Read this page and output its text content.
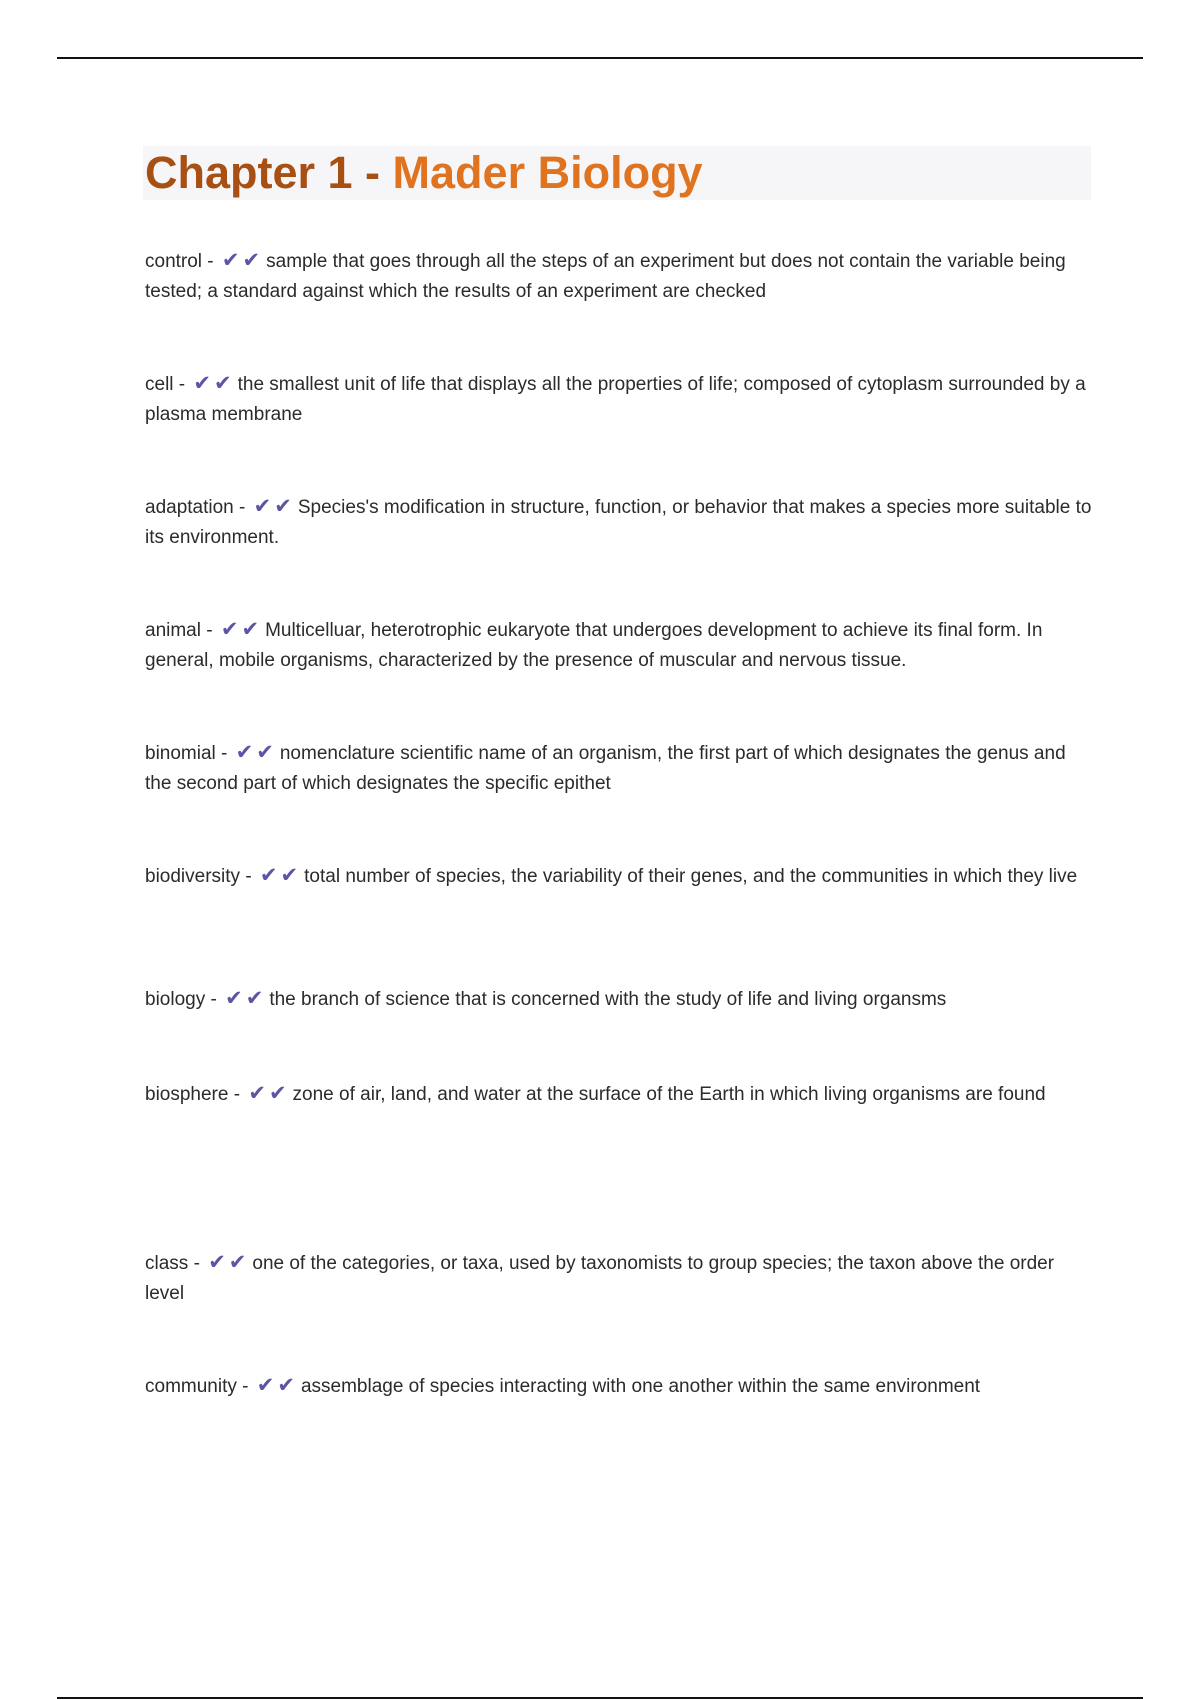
Chapter 1 - Mader Biology

control - ✔✔ sample that goes through all the steps of an experiment but does not contain the variable being tested; a standard against which the results of an experiment are checked

cell - ✔✔ the smallest unit of life that displays all the properties of life; composed of cytoplasm surrounded by a plasma membrane

adaptation - ✔✔ Species's modification in structure, function, or behavior that makes a species more suitable to its environment.

animal - ✔✔ Multicelluar, heterotrophic eukaryote that undergoes development to achieve its final form. In general, mobile organisms, characterized by the presence of muscular and nervous tissue.

binomial - ✔✔ nomenclature scientific name of an organism, the first part of which designates the genus and the second part of which designates the specific epithet

biodiversity - ✔✔ total number of species, the variability of their genes, and the communities in which they live

biology - ✔✔ the branch of science that is concerned with the study of life and living organsms

biosphere - ✔✔ zone of air, land, and water at the surface of the Earth in which living organisms are found

class - ✔✔ one of the categories, or taxa, used by taxonomists to group species; the taxon above the order level

community - ✔✔ assemblage of species interacting with one another within the same environment
